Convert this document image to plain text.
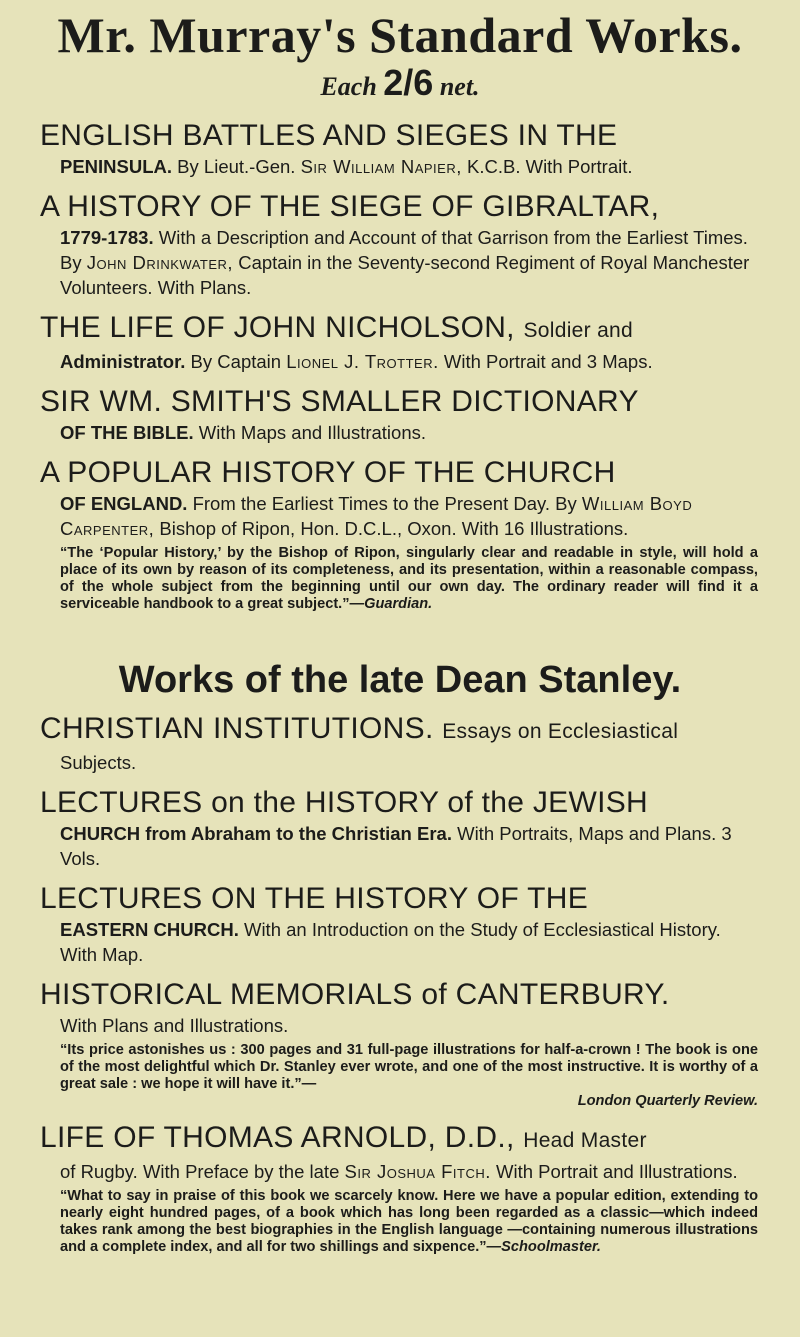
Mr. Murray's Standard Works.
Each 2/6 net.
ENGLISH BATTLES AND SIEGES IN THE
PENINSULA. By Lieut.-Gen. Sir William Napier, K.C.B. With Portrait.
A HISTORY OF THE SIEGE OF GIBRALTAR,
1779-1783. With a Description and Account of that Garrison from the Earliest Times. By John Drinkwater, Captain in the Seventy-second Regiment of Royal Manchester Volunteers. With Plans.
THE LIFE OF JOHN NICHOLSON, Soldier and
Administrator. By Captain Lionel J. Trotter. With Portrait and 3 Maps.
SIR WM. SMITH'S SMALLER DICTIONARY
OF THE BIBLE. With Maps and Illustrations.
A POPULAR HISTORY OF THE CHURCH
OF ENGLAND. From the Earliest Times to the Present Day. By William Boyd Carpenter, Bishop of Ripon, Hon. D.C.L., Oxon. With 16 Illustrations.
“The ‘Popular History,’ by the Bishop of Ripon, singularly clear and readable in style, will hold a place of its own by reason of its completeness, and its presentation, within a reasonable compass, of the whole subject from the beginning until our own day. The ordinary reader will find it a serviceable handbook to a great subject.”—Guardian.
Works of the late Dean Stanley.
CHRISTIAN INSTITUTIONS. Essays on Ecclesiastical
Subjects.
LECTURES on the HISTORY of the JEWISH
CHURCH from Abraham to the Christian Era. With Portraits, Maps and Plans. 3 Vols.
LECTURES ON THE HISTORY OF THE
EASTERN CHURCH. With an Introduction on the Study of Ecclesiastical History. With Map.
HISTORICAL MEMORIALS of CANTERBURY.
With Plans and Illustrations.
“Its price astonishes us : 300 pages and 31 full-page illustrations for half-a-crown ! The book is one of the most delightful which Dr. Stanley ever wrote, and one of the most instructive. It is worthy of a great sale : we hope it will have it.”—
London Quarterly Review.
LIFE OF THOMAS ARNOLD, D.D., Head Master
of Rugby. With Preface by the late Sir Joshua Fitch. With Portrait and Illustrations.
“What to say in praise of this book we scarcely know. Here we have a popular edition, extending to nearly eight hundred pages, of a book which has long been regarded as a classic—which indeed takes rank among the best biographies in the English language —containing numerous illustrations and a complete index, and all for two shillings and sixpence.”—Schoolmaster.
